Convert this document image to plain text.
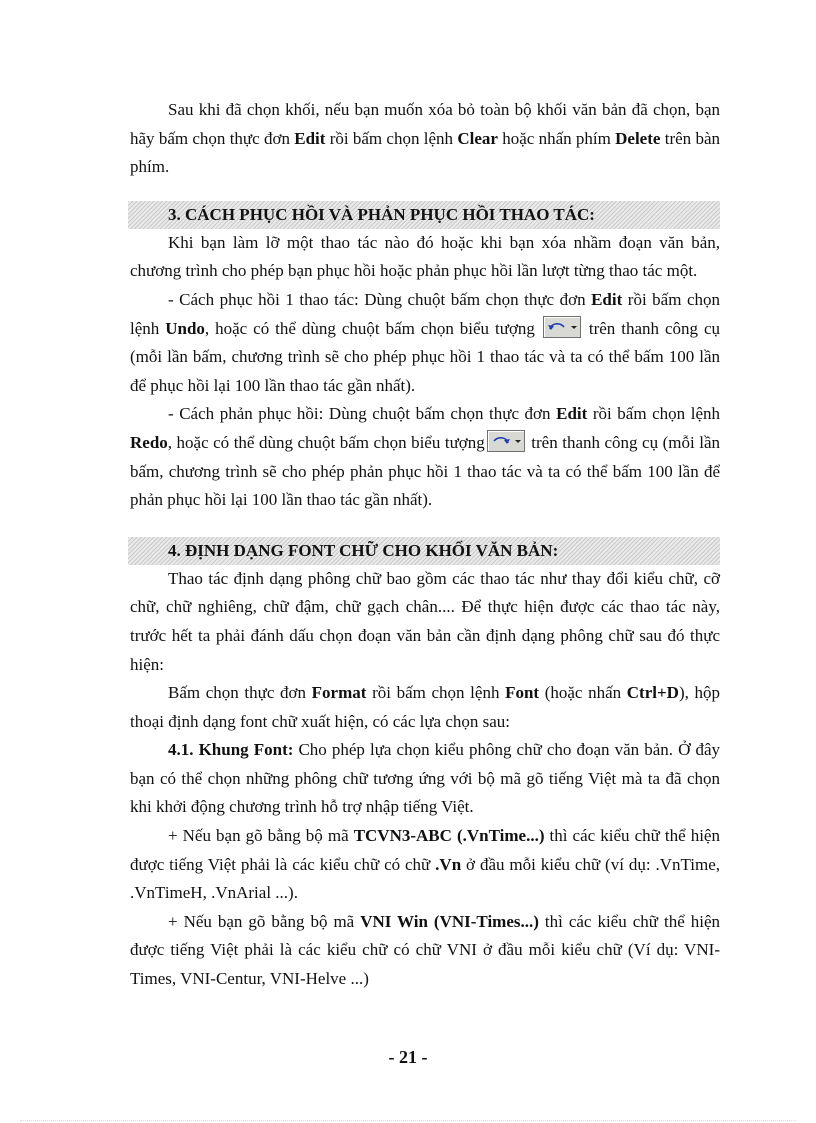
Sau khi đã chọn khối, nếu bạn muốn xóa bỏ toàn bộ khối văn bản đã chọn, bạn hãy bấm chọn thực đơn Edit rồi bấm chọn lệnh Clear hoặc nhấn phím Delete trên bàn phím.

3. CÁCH PHỤC HỒI VÀ PHẢN PHỤC HỒI THAO TÁC:

Khi bạn làm lỡ một thao tác nào đó hoặc khi bạn xóa nhầm đoạn văn bản, chương trình cho phép bạn phục hồi hoặc phản phục hồi lần lượt từng thao tác một.

- Cách phục hồi 1 thao tác: Dùng chuột bấm chọn thực đơn Edit rồi bấm chọn lệnh Undo, hoặc có thể dùng chuột bấm chọn biểu tượng
trên thanh công cụ (mỗi lần bấm, chương trình sẽ cho phép phục hồi 1 thao tác và ta có thể bấm 100 lần để phục hồi lại 100 lần thao tác gần nhất).

- Cách phản phục hồi: Dùng chuột bấm chọn thực đơn Edit rồi bấm chọn lệnh Redo, hoặc có thể dùng chuột bấm chọn biểu tượng
trên thanh công cụ (mỗi lần bấm, chương trình sẽ cho phép phản phục hồi 1 thao tác và ta có thể bấm 100 lần để phản phục hồi lại 100 lần thao tác gần nhất).

4. ĐỊNH DẠNG FONT CHỮ CHO KHỐI VĂN BẢN:

Thao tác định dạng phông chữ bao gồm các thao tác như thay đổi kiểu chữ, cỡ chữ, chữ nghiêng, chữ đậm, chữ gạch chân.... Để thực hiện được các thao tác này, trước hết ta phải đánh dấu chọn đoạn văn bản cần định dạng phông chữ sau đó thực hiện:

Bấm chọn thực đơn Format rồi bấm chọn lệnh Font (hoặc nhấn Ctrl+D), hộp thoại định dạng font chữ xuất hiện, có các lựa chọn sau:

4.1. Khung Font: Cho phép lựa chọn kiểu phông chữ cho đoạn văn bản. Ở đây bạn có thể chọn những phông chữ tương ứng với bộ mã gõ tiếng Việt mà ta đã chọn khi khởi động chương trình hỗ trợ nhập tiếng Việt.

+ Nếu bạn gõ bằng bộ mã TCVN3-ABC (.VnTime...) thì các kiểu chữ thể hiện được tiếng Việt phải là các kiểu chữ có chữ .Vn ở đầu mỗi kiểu chữ (ví dụ: .VnTime, .VnTimeH, .VnArial ...).

+ Nếu bạn gõ bằng bộ mã VNI Win (VNI-Times...) thì các kiểu chữ thể hiện được tiếng Việt phải là các kiểu chữ có chữ VNI ở đầu mỗi kiểu chữ (Ví dụ: VNI-Times, VNI-Centur, VNI-Helve ...)

- 21 -
